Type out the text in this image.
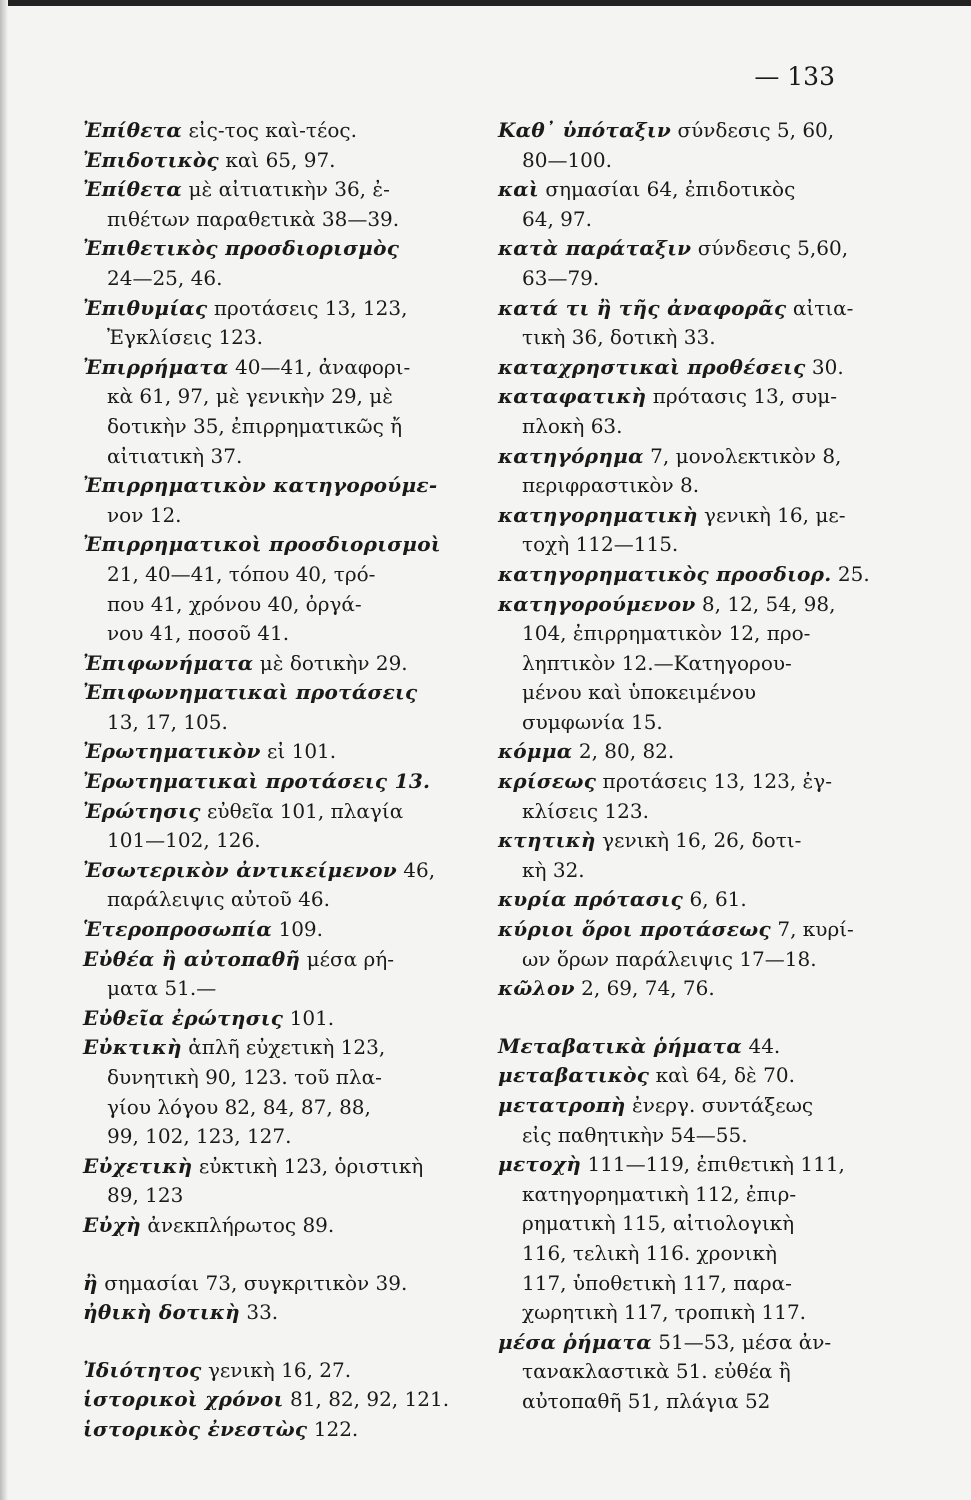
— 133
Ἐπίθετα εἰς-τος καὶ-τέος.
Ἐπιδοτικὸς καὶ 65, 97.
Ἐπίθετα μὲ αἰτιατικὴν 36, ἐ-
πιθέτων παραθετικὰ 38—39.
Ἐπιθετικὸς προσδιορισμὸς
24—25, 46.
Ἐπιθυμίας προτάσεις 13, 123,
Ἐγκλίσεις 123.
Ἐπιρρήματα 40—41, ἀναφορι-
κὰ 61, 97, μὲ γενικὴν 29, μὲ
δοτικὴν 35, ἐπιρρηματικῶς ἤ
αἰτιατικὴ 37.
Ἐπιρρηματικὸν κατηγορούμε-
νον 12.
Ἐπιρρηματικοὶ προσδιορισμοὶ
21, 40—41, τόπου 40, τρό-
που 41, χρόνου 40, ὀργά-
νου 41, ποσοῦ 41.
Ἐπιφωνήματα μὲ δοτικὴν 29.
Ἐπιφωνηματικαὶ προτάσεις
13, 17, 105.
Ἐρωτηματικὸν εἰ 101.
Ἐρωτηματικαὶ προτάσεις 13.
Ἐρώτησις εὐθεῖα 101, πλαγία
101—102, 126.
Ἐσωτερικὸν ἀντικείμενον 46,
παράλειψις αὐτοῦ 46.
Ἑτεροπροσωπία 109.
Εὐθέα ἢ αὐτοπαθῆ μέσα ρή-
ματα 51.—
Εὐθεῖα ἐρώτησις 101.
Εὐκτικὴ ἁπλῆ εὐχετικὴ 123,
δυνητικὴ 90, 123. τοῦ πλα-
γίου λόγου 82, 84, 87, 88,
99, 102, 123, 127.
Εὐχετικὴ εὐκτικὴ 123, ὁριστικὴ
89, 123
Εὐχὴ ἀνεκπλήρωτος 89.
ἢ σημασίαι 73, συγκριτικὸν 39.
ἠθικὴ δοτικὴ 33.
Ἰδιότητος γενικὴ 16, 27.
ἱστορικοὶ χρόνοι 81, 82, 92, 121.
ἱστορικὸς ἐνεστὼς 122.
Καθ᾿ ὑπόταξιν σύνδεσις 5, 60,
80—100.
καὶ σημασίαι 64, ἐπιδοτικὸς
64, 97.
κατὰ παράταξιν σύνδεσις 5,60,
63—79.
κατά τι ἢ τῆς ἀναφορᾶς αἰτια-
τικὴ 36, δοτικὴ 33.
καταχρηστικαὶ προθέσεις 30.
καταφατικὴ πρότασις 13, συμ-
πλοκὴ 63.
κατηγόρημα 7, μονολεκτικὸν 8,
περιφραστικὸν 8.
κατηγορηματικὴ γενικὴ 16, με-
τοχὴ 112—115.
κατηγορηματικὸς προσδιορ. 25.
κατηγορούμενον 8, 12, 54, 98,
104, ἐπιρρηματικὸν 12, προ-
ληπτικὸν 12.—Κατηγορου-
μένου καὶ ὑποκειμένου
συμφωνία 15.
κόμμα 2, 80, 82.
κρίσεως προτάσεις 13, 123, ἐγ-
κλίσεις 123.
κτητικὴ γενικὴ 16, 26, δοτι-
κὴ 32.
κυρία πρότασις 6, 61.
κύριοι ὅροι προτάσεως 7, κυρί-
ων ὅρων παράλειψις 17—18.
κῶλον 2, 69, 74, 76.
Μεταβατικὰ ῥήματα 44.
μεταβατικὸς καὶ 64, δὲ 70.
μετατροπὴ ἐνεργ. συντάξεως
εἰς παθητικὴν 54—55.
μετοχὴ 111—119, ἐπιθετικὴ 111,
κατηγορηματικὴ 112, ἐπιρ-
ρηματικὴ 115, αἰτιολογικὴ
116, τελικὴ 116. χρονικὴ
117, ὑποθετικὴ 117, παρα-
χωρητικὴ 117, τροπικὴ 117.
μέσα ῥήματα 51—53, μέσα ἀν-
τανακλαστικὰ 51. εὐθέα ἢ
αὐτοπαθῆ 51, πλάγια 52
